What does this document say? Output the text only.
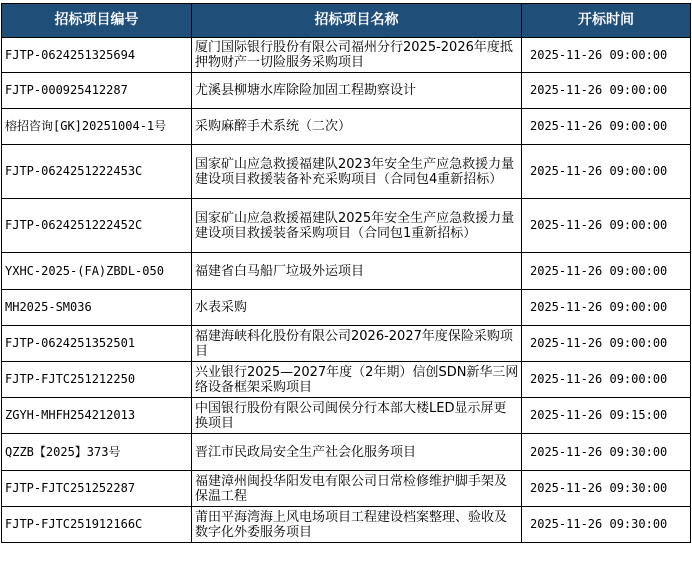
招标项目编号	招标项目名称	开标时间
FJTP-0624251325694	厦门国际银行股份有限公司福州分行2025-2026年度抵押物财产一切险服务采购项目	2025-11-26 09:00:00
FJTP-000925412287	尤溪县柳塘水库除险加固工程勘察设计	2025-11-26 09:00:00
榕招咨询[GK]20251004-1号	采购麻醉手术系统（二次）	2025-11-26 09:00:00
FJTP-0624251222453C	国家矿山应急救援福建队2023年安全生产应急救援力量建设项目救援装备补充采购项目（合同包4重新招标）	2025-11-26 09:00:00
FJTP-0624251222452C	国家矿山应急救援福建队2025年安全生产应急救援力量建设项目救援装备采购项目（合同包1重新招标）	2025-11-26 09:00:00
YXHC-2025-(FA)ZBDL-050	福建省白马船厂垃圾外运项目	2025-11-26 09:00:00
MH2025-SM036	水表采购	2025-11-26 09:00:00
FJTP-0624251352501	福建海峡科化股份有限公司2026-2027年度保险采购项目	2025-11-26 09:00:00
FJTP-FJTC251212250	兴业银行2025—2027年度（2年期）信创SDN新华三网络设备框架采购项目	2025-11-26 09:00:00
ZGYH-MHFH254212013	中国银行股份有限公司闽侯分行本部大楼LED显示屏更换项目	2025-11-26 09:15:00
QZZB【2025】373号	晋江市民政局安全生产社会化服务项目	2025-11-26 09:30:00
FJTP-FJTC251252287	福建漳州闽投华阳发电有限公司日常检修维护脚手架及保温工程	2025-11-26 09:30:00
FJTP-FJTC251912166C	莆田平海湾海上风电场项目工程建设档案整理、验收及数字化外委服务项目	2025-11-26 09:30:00
